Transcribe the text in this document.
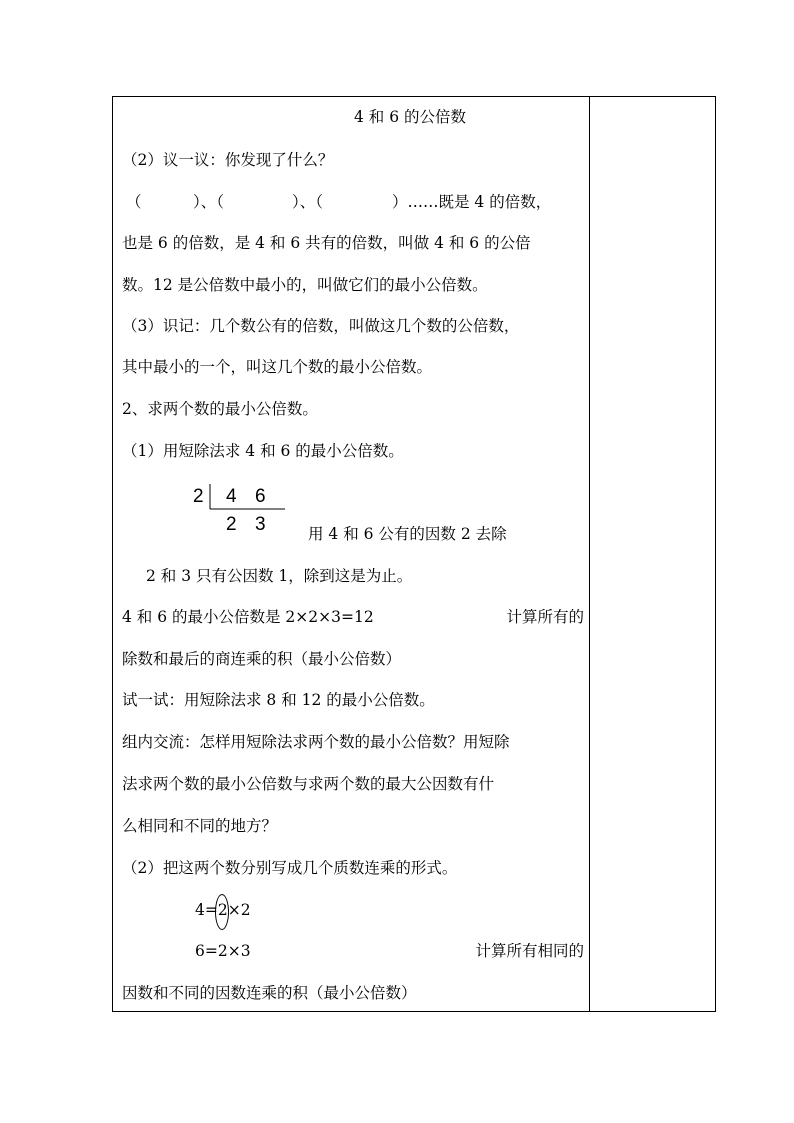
4 和 6 的公倍数
（2）议一议：你发现了什么？
（	）、（	）、（	）……既是 4 的倍数，
也是 6 的倍数，是 4 和 6 共有的倍数，叫做 4 和 6 的公倍
数。12 是公倍数中最小的，叫做它们的最小公倍数。
（3）识记：几个数公有的倍数，叫做这几个数的公倍数，
其中最小的一个，叫这几个数的最小公倍数。
2、求两个数的最小公倍数。
（1）用短除法求 4 和 6 的最小公倍数。
2 4 6
2 3	用 4 和 6 公有的因数 2 去除
2 和 3 只有公因数 1，除到这是为止。
4 和 6 的最小公倍数是 2×2×3=12	计算所有的
除数和最后的商连乘的积（最小公倍数）
试一试：用短除法求 8 和 12 的最小公倍数。
组内交流：怎样用短除法求两个数的最小公倍数？用短除
法求两个数的最小公倍数与求两个数的最大公因数有什
么相同和不同的地方？
（2）把这两个数分别写成几个质数连乘的形式。
4=2×2
6=2×3	计算所有相同的
因数和不同的因数连乘的积（最小公倍数）
